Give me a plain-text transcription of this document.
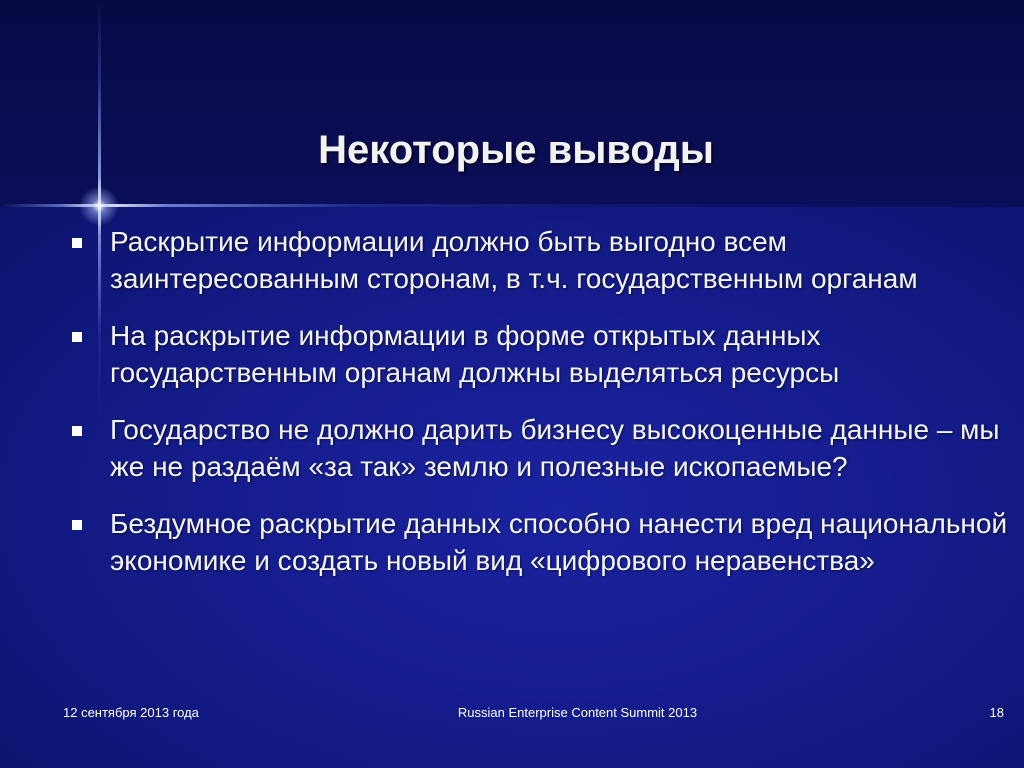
Некоторые выводы
Раскрытие информации должно быть выгодно всем заинтересованным сторонам, в т.ч. государственным органам
На раскрытие информации в форме открытых данных государственным органам должны выделяться ресурсы
Государство не должно дарить бизнесу высокоценные данные – мы же не раздаём «за так» землю и полезные ископаемые?
Бездумное раскрытие данных способно нанести вред национальной экономике и создать новый вид «цифрового неравенства»
12 сентября 2013 года	Russian Enterprise Content Summit 2013	18
